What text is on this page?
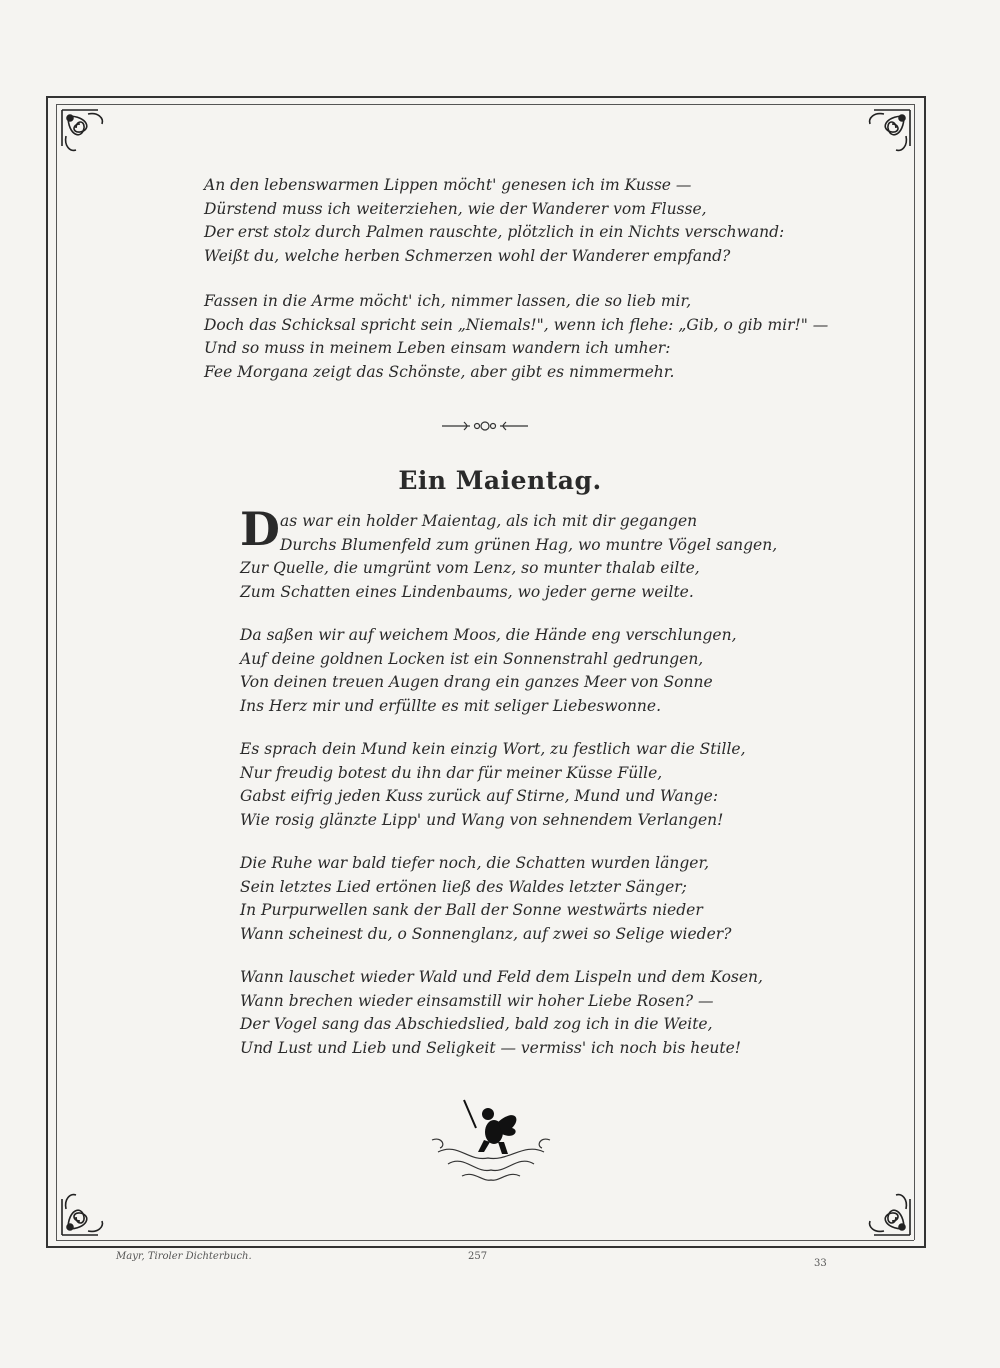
An den lebenswarmen Lippen möcht' genesen ich im Kusse —
Dürstend muss ich weiterziehen, wie der Wanderer vom Flusse,
Der erst stolz durch Palmen rauschte, plötzlich in ein Nichts verschwand:
Weißt du, welche herben Schmerzen wohl der Wanderer empfand?
Fassen in die Arme möcht' ich, nimmer lassen, die so lieb mir,
Doch das Schicksal spricht sein „Niemals!", wenn ich flehe: „Gib, o gib mir!" —
Und so muss in meinem Leben einsam wandern ich umher:
Fee Morgana zeigt das Schönste, aber gibt es nimmermehr.
Ein Maientag.
D as war ein holder Maientag, als ich mit dir gegangen
Durchs Blumenfeld zum grünen Hag, wo muntre Vögel sangen,
Zur Quelle, die umgrünt vom Lenz, so munter thalab eilte,
Zum Schatten eines Lindenbaums, wo jeder gerne weilte.
Da saßen wir auf weichem Moos, die Hände eng verschlungen,
Auf deine goldnen Locken ist ein Sonnenstrahl gedrungen,
Von deinen treuen Augen drang ein ganzes Meer von Sonne
Ins Herz mir und erfüllte es mit seliger Liebeswonne.
Es sprach dein Mund kein einzig Wort, zu festlich war die Stille,
Nur freudig botest du ihn dar für meiner Küsse Fülle,
Gabst eifrig jeden Kuss zurück auf Stirne, Mund und Wange:
Wie rosig glänzte Lipp' und Wang von sehnendem Verlangen!
Die Ruhe war bald tiefer noch, die Schatten wurden länger,
Sein letztes Lied ertönen ließ des Waldes letzter Sänger;
In Purpurwellen sank der Ball der Sonne westwärts nieder
Wann scheinest du, o Sonnenglanz, auf zwei so Selige wieder?
Wann lauschet wieder Wald und Feld dem Lispeln und dem Kosen,
Wann brechen wieder einsamstill wir hoher Liebe Rosen? —
Der Vogel sang das Abschiedslied, bald zog ich in die Weite,
Und Lust und Lieb und Seligkeit — vermiss' ich noch bis heute!
Mayr, Tiroler Dichterbuch.	257
33
